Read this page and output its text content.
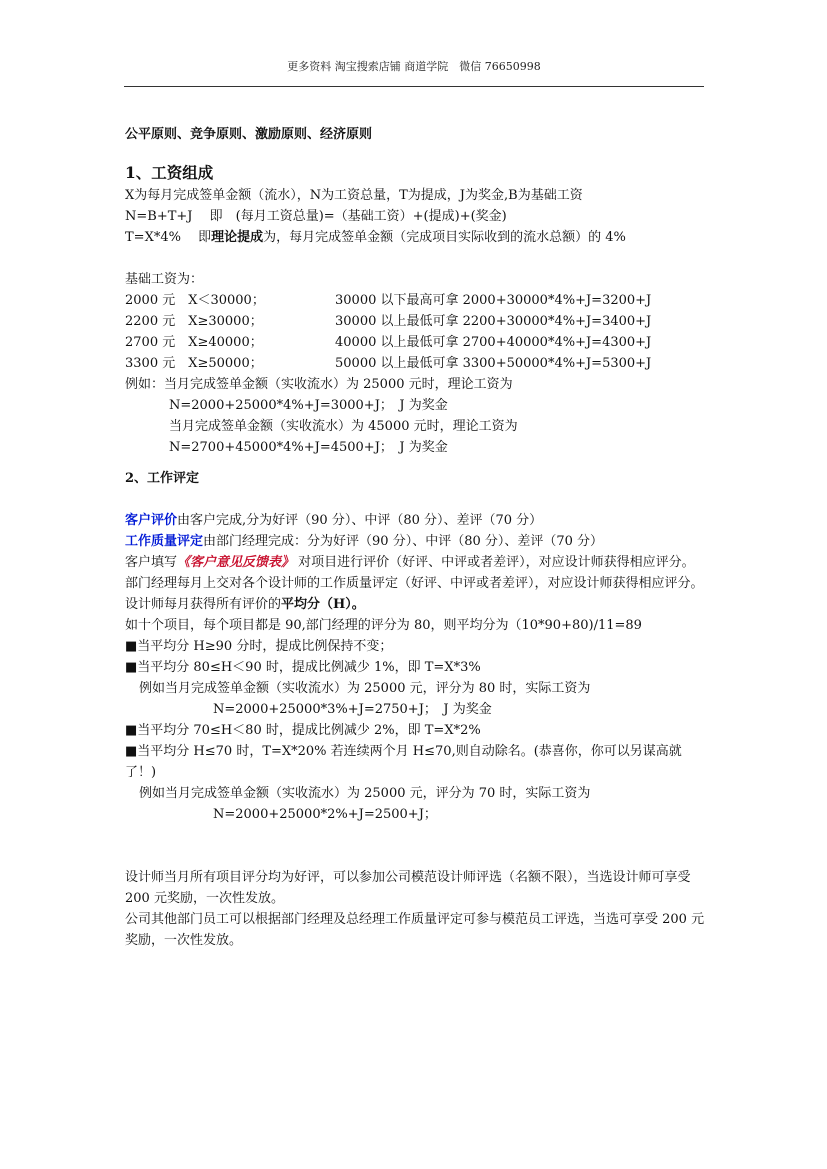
更多资料 淘宝搜索店铺 商道学院　微信 76650998
公平原则、竞争原则、激励原则、经济原则
1、工资组成
X为每月完成签单金额（流水），N为工资总量，T为提成，J为奖金,B为基础工资
N=B+T+J　 即　(每月工资总量)=（基础工资）+(提成)+(奖金)
T=X*4%　 即理论提成为，每月完成签单金额（完成项目实际收到的流水总额）的 4%
基础工资为：
2000 元　X＜30000；	30000 以下最高可拿 2000+30000*4%+J=3200+J
2200 元　X≥30000；	30000 以上最低可拿 2200+30000*4%+J=3400+J
2700 元　X≥40000；	40000 以上最低可拿 2700+40000*4%+J=4300+J
3300 元　X≥50000；	50000 以上最低可拿 3300+50000*4%+J=5300+J
例如：当月完成签单金额（实收流水）为 25000 元时，理论工资为
N=2000+25000*4%+J=3000+J；　J 为奖金
当月完成签单金额（实收流水）为 45000 元时，理论工资为
N=2700+45000*4%+J=4500+J；　J 为奖金
2、工作评定
客户评价由客户完成,分为好评（90 分）、中评（80 分）、差评（70 分）
工作质量评定由部门经理完成：分为好评（90 分）、中评（80 分）、差评（70 分）
客户填写《客户意见反馈表》 对项目进行评价（好评、中评或者差评），对应设计师获得相应评分。
部门经理每月上交对各个设计师的工作质量评定（好评、中评或者差评），对应设计师获得相应评分。
设计师每月获得所有评价的平均分（H）。
如十个项目，每个项目都是 90,部门经理的评分为 80，则平均分为（10*90+80)/11=89
■当平均分 H≥90 分时，提成比例保持不变；
■当平均分 80≤H＜90 时，提成比例减少 1%，即 T=X*3%
例如当月完成签单金额（实收流水）为 25000 元，评分为 80 时，实际工资为
N=2000+25000*3%+J=2750+J；　J 为奖金
■当平均分 70≤H＜80 时，提成比例减少 2%，即 T=X*2%
■当平均分 H≤70 时，T=X*20% 若连续两个月 H≤70,则自动除名。(恭喜你，你可以另谋高就了！)
例如当月完成签单金额（实收流水）为 25000 元，评分为 70 时，实际工资为
N=2000+25000*2%+J=2500+J；
设计师当月所有项目评分均为好评，可以参加公司模范设计师评选（名额不限），当选设计师可享受 200 元奖励，一次性发放。
公司其他部门员工可以根据部门经理及总经理工作质量评定可参与模范员工评选，当选可享受 200 元奖励，一次性发放。
